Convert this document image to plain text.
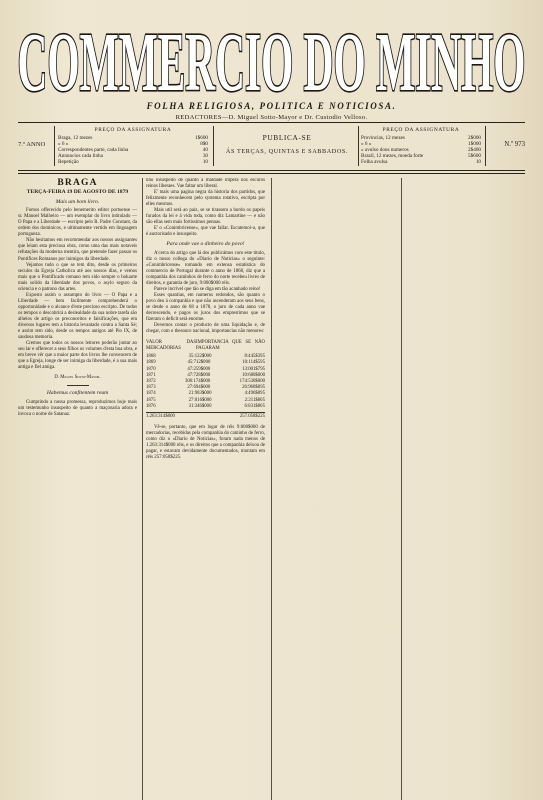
COMMERCIO DO MINHO
FOLHA RELIGIOSA, POLITICA E NOTICIOSA.
REDACTORES—D. Miguel Sotto-Mayor e Dr. Custodio Velloso.
7.º ANNO
PREÇO DA ASSIGNATURA
Braga, 12 mezes	1$600
» 6 »	8$0
Correspondentes parte, cada linha	40
Annuncios cada linha	30
Repetição	10
PUBLICA-SE
ÁS TERÇAS, QUINTAS E SABBADOS.
PREÇO DA ASSIGNATURA
Provincias, 12 mezes	2$000
» 6 »	1$000
» avulso dous numeros	2$400
Brazil, 12 mezes, moeda forte	5$600
Folha avulsa	10
N.º 973
BRAGA
TERÇA-FEIRA 19 DE AGOSTO DE 1879
Mais um bom livro.

Fomos offerecido pelo benemerito editor portuense — sr. Manoel Malheiro — um exemplar do livro intitulado — O Papa e a Liberdade — escripto pelo R. Padre Constant, da ordem dos dominicos, e ultimamente vertido em linguagem portugueza.

Não hesitamos em recommendar aos nossos assignantes que leiam esta preciosa obra, como uma das mais notaveis refutações da moderna mentira, que pretende fazer passar os Pontifices Romanos por inimigos da liberdade.

Vejamos tudo o que se tem dito, desde os primeiros seculos da Egreja Catholica até aos nossos dias, e vemos mais que o Pontificado romano tem sido sempre o baluarte mais solido da liberdade dos povos, o asylo seguro da sciencia e o patrono das artes.

Exposto assim o assumpto do livro — O Papa e a Liberdade — bem facilmente comprehenderá o opportunidade e o alcance d'este precioso escripto. De todos os tempos o descobrirá a deslealdade da sua nobre tarefa são alheios de artigo os preconceitos e falsificações, que em diversos lugares tem a historia levantado contra a Santa Sé; e assim tem sido, desde os tempos antigos até Pio IX, de saudosa memoria.

Cremos que todos os nossos leitores poderão juntar ao seu lar e offerecer a seus filhos os volumes d'esta boa obra, e em breve vêr que a maior parte dos livros lhe convencem de que a Egreja, longe de ser inimiga da liberdade, é a sua mais antiga e fiel amiga.

D. Miguel Sotto-Mayor.
Habemus confitentem reum

Cumprindo a nossa promessa, reproduzimos hoje mais um testemunho insuspeito de quanto a maçonaria adora e invoca o nome de Satanaz.

nho insuspeito de quanto a maldade impera nos escuros reinos liberaes. Vae faltar um liberal.

E' mais uma pagina negra da historia dos partidos, que felizmente reconhecem pelo systema rotativo, escripta por elles mesmos.

Mais util será ao paiz, se se tirassem a bordo os papeis furados da lei e á vida toda, como diz Lamartine — e não são ellas sem mais fortissimos pennas.

E' o «Conimbricense», que vae fallar. Escutemol-o, que é auctorisado e insuspeito.

Para onde vae o dinheiro do povo!

A'cerca do artigo que lá dos publicámos com este titulo, diz o nosso collega do «Diario de Noticias» o seguinte: «Conimbricense» tomando em extensa estatistica do commercio de Portugal durante o anno de 1868, diz que a companhia dos caminhos de ferro do norte recebeu livres de direitos, e garantia de juro, 9:000$000 réis.

Parece incrivel que tão se diga em tão acanhado reino!

Esses quantias, em numeros redondos, são quanto o povo deu á companhia e que não ascenderam aos seus bens, se desde o anno de 68 a 1878, o juro de cada anno vae decrescendo, e pagos os juros dos emprestimos que se fizeram o deficit será enorme.

Devemos contar o producto de uma liquidação e, de chegar, com o thesouro nacional, importancias não menores:

VALOR DAS MERCADORIAS
IMPORTANCIA QUE SE NÃO PAGARAM
1868	35:122$000	8:445$395
1869	45:712$000	10:114$595
1870	47:259$000	13:001$795
1871	47:728$000	10:680$000
1872	306:174$000	174:530$000
1873	27:694$000	26:960$895
1874	21:983$000	4:496$895
1875	27:016$000	2:211$805
1876	31:346$000	6:031$805
1.263:314$000	257.058$225

Vê-se, portanto, que em logar de réis 9:000$000 de mercadorias, recebidas pela companhia do caminho de ferro, como diz o «Diario de Noticias», foram nada menos de 1.263:314$000 réis, e os direitos que a companhia deixou de pagar, e estavam devidamente documentados, montam em réis 257:058$225.
